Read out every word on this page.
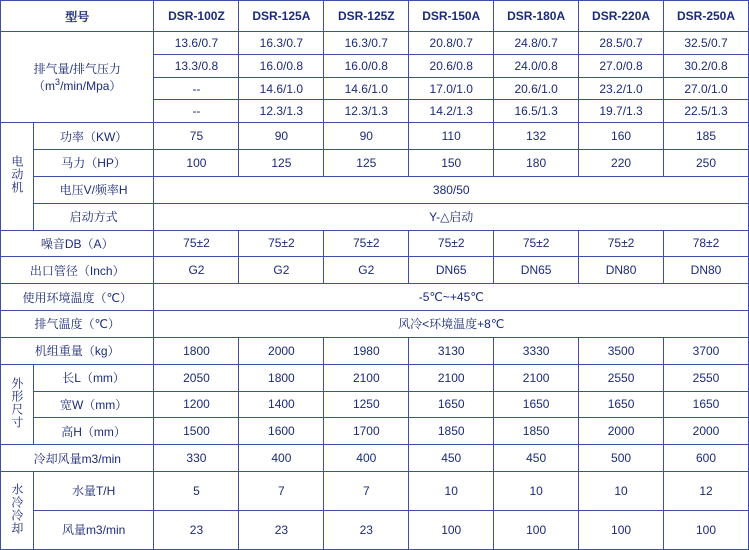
型号		DSR-100Z	DSR-125A	DSR-125Z	DSR-150A	DSR-180A	DSR-220A	DSR-250A

排气量/排气压力
$(m^3/\min/Mpa)$		13.6/0.7	16.3/0.7	16.3/0.7	20.8/0.7	24.8/0.7	28.5/0.7	32.5/0.7
		13.3/0.8	16.0/0.8	16.0/0.8	20.6/0.8	24.0/0.8	27.0/0.8	30.2/0.8
		--	14.6/1.0	14.6/1.0	17.0/1.0	20.6/1.0	23.2/1.0	27.0/1.0
		--	12.3/1.3	12.3/1.3	14.2/1.3	16.5/1.3	19.7/1.3	22.5/1.3
电动机	功率（KW）	75	90	90	110	132	160	185
	马力（HP）	100	125	125	150	180	220	250
	电压V/频率H	380/50						
	启动方式	Y-△启动						
噪音DB（A）		75±2	75±2	75±2	75±2	75±2	75±2	78±2
出口管径（Inch）		G2	G2	G2	DN65	DN65	DN80	DN80
使用环境温度（℃）		-5℃~+45℃						
排气温度（℃）		风冷<环境温度+8℃						
机组重量（kg）		1800	2000	1980	3130	3330	3500	3700
外形尺寸	长L（mm）	2050	1800	2100	2100	2100	2550	2550
	宽W（mm）	1200	1400	1250	1650	1650	1650	1650
	高H（mm）	1500	1600	1700	1850	1850	2000	2000
冷却风量m3/min		330	400	400	450	450	500	600
水冷冷却	水量T/H	5	7	7	10	10	10	12
	风量m3/min	23	23	23	100	100	100	100
